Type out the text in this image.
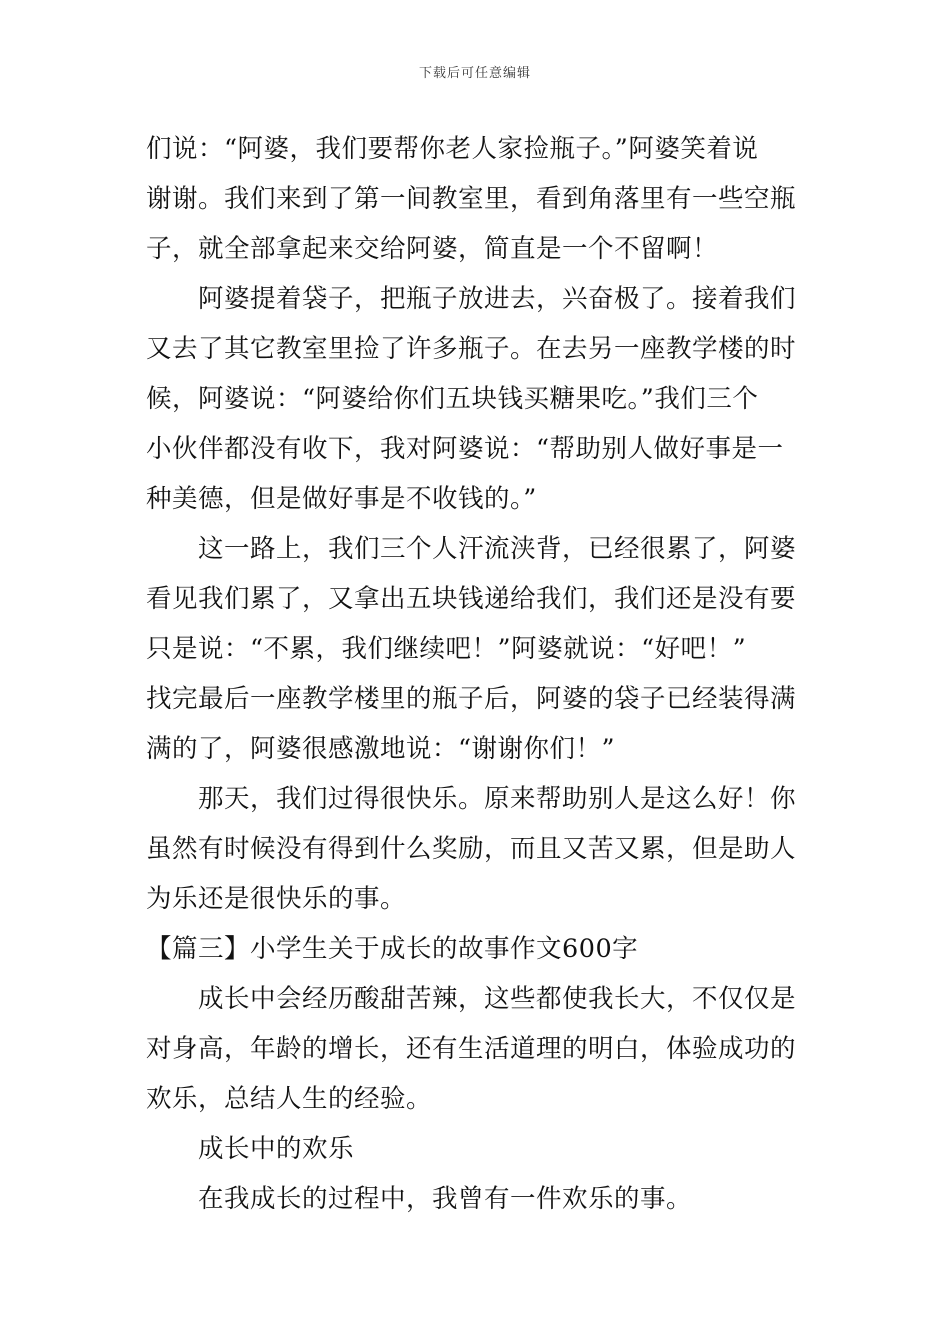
下载后可任意编辑
们说：“阿婆，我们要帮你老人家捡瓶子。”阿婆笑着说
谢谢。我们来到了第一间教室里，看到角落里有一些空瓶
子，就全部拿起来交给阿婆，简直是一个不留啊！
阿婆提着袋子，把瓶子放进去，兴奋极了。接着我们
又去了其它教室里捡了许多瓶子。在去另一座教学楼的时
候，阿婆说：“阿婆给你们五块钱买糖果吃。”我们三个
小伙伴都没有收下，我对阿婆说：“帮助别人做好事是一
种美德，但是做好事是不收钱的。”
这一路上，我们三个人汗流浃背，已经很累了，阿婆
看见我们累了，又拿出五块钱递给我们，我们还是没有要
只是说：“不累，我们继续吧！”阿婆就说：“好吧！”
找完最后一座教学楼里的瓶子后，阿婆的袋子已经装得满
满的了，阿婆很感激地说：“谢谢你们！”
那天，我们过得很快乐。原来帮助别人是这么好！你
虽然有时候没有得到什么奖励，而且又苦又累，但是助人
为乐还是很快乐的事。
【篇三】小学生关于成长的故事作文600字
成长中会经历酸甜苦辣，这些都使我长大，不仅仅是
对身高，年龄的增长，还有生活道理的明白，体验成功的
欢乐，总结人生的经验。
成长中的欢乐
在我成长的过程中，我曾有一件欢乐的事。
